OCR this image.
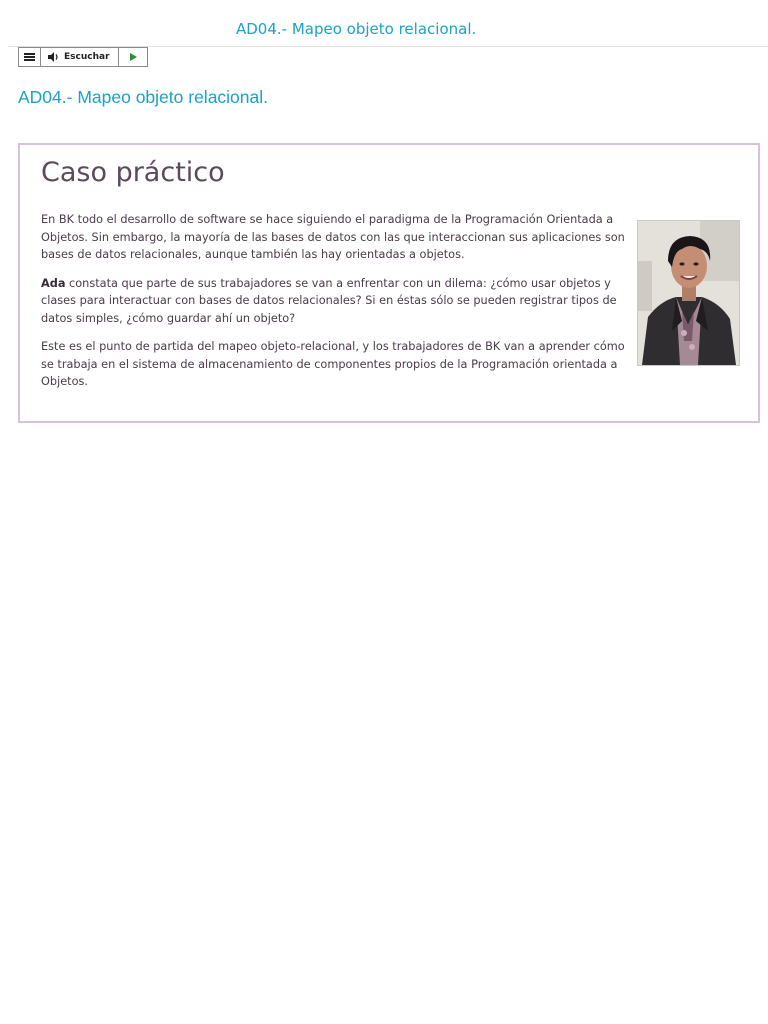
AD04.- Mapeo objeto relacional.
Escuchar
AD04.- Mapeo objeto relacional.
Caso práctico

En BK todo el desarrollo de software se hace siguiendo el paradigma de la Programación Orientada a Objetos. Sin embargo, la mayoría de las bases de datos con las que interaccionan sus aplicaciones son bases de datos relacionales, aunque también las hay orientadas a objetos.

Ada constata que parte de sus trabajadores se van a enfrentar con un dilema: ¿cómo usar objetos y clases para interactuar con bases de datos relacionales? Si en éstas sólo se pueden registrar tipos de datos simples, ¿cómo guardar ahí un objeto?

Este es el punto de partida del mapeo objeto-relacional, y los trabajadores de BK van a aprender cómo se trabaja en el sistema de almacenamiento de componentes propios de la Programación orientada a Objetos.
